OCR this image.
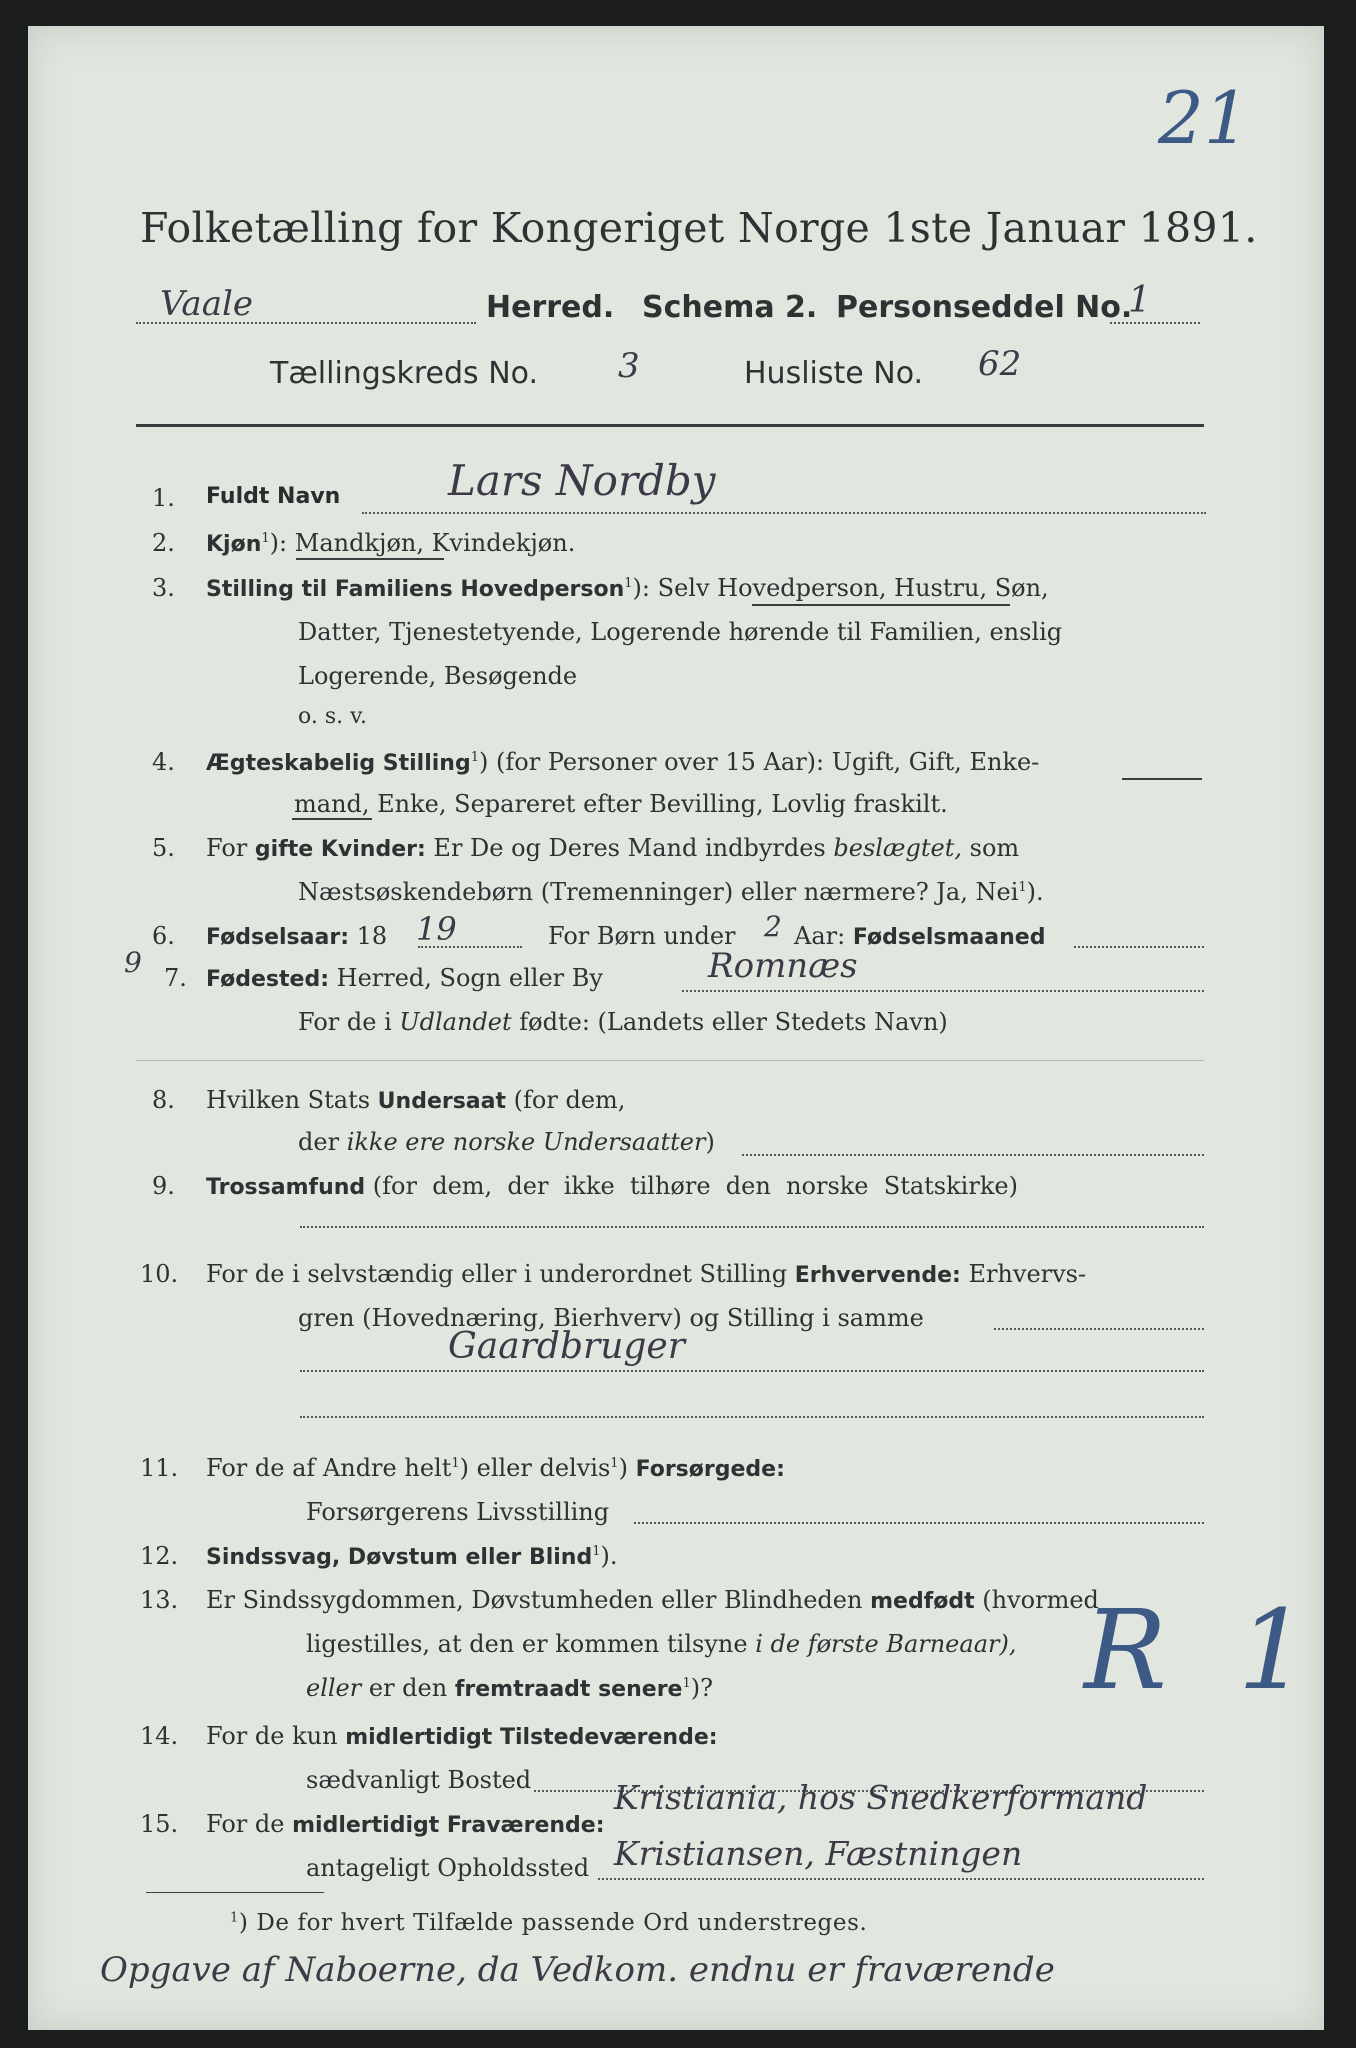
21
Folketælling for Kongeriget Norge 1ste Januar 1891.
Vaale	Herred. Schema 2. Personseddel No.
1
Tællingskreds No. 3	Husliste No. 62
1. Fuldt Navn	Lars Nordby
2. Kjøn$^1$): Mandkjøn, Kvindekjøn.
3. Stilling til Familiens Hovedperson$^1$): Selv Hovedperson, Hustru, Søn,
Datter, Tjenestetyende, Logerende hørende til Familien, enslig
Logerende, Besøgende
o. s. v.
4. Ægteskabelig Stilling$^1$) (for Personer over 15 Aar): Ugift, Gift, Enke-
mand, Enke, Separeret efter Bevilling, Lovlig fraskilt.
5. For gifte Kvinder: Er De og Deres Mand indbyrdes beslægtet, som
Næstsøskendebørn (Tremenninger) eller nærmere? Ja, Nei$^1$).
6. Fødselsaar: 18 19	For Børn under 2 Aar: Fødselsmaaned
9 7. Fødested: Herred, Sogn eller By	Romnæs
For de i Udlandet fødte: (Landets eller Stedets Navn)
8. Hvilken Stats Undersaat (for dem,
der ikke ere norske Undersaatter)
9. Trossamfund (for  dem,  der  ikke  tilhøre  den  norske  Statskirke)
10. For de i selvstændig eller i underordnet Stilling Erhvervende: Erhvervs-
gren (Hovednæring, Bierhverv) og Stilling i samme
Gaardbruger
11. For de af Andre helt$^1$) eller delvis$^1$) Forsørgede:
Forsørgerens Livsstilling
12. Sindssvag, Døvstum eller Blind$^1$).
13. Er Sindssygdommen, Døvstumheden eller Blindheden medfødt (hvormed
ligestilles, at den er kommen tilsyne i de første Barneaar),
eller er den fremtraadt senere$^1$)?	R 1
14. For de kun midlertidigt Tilstedeværende:
sædvanligt Bosted
15. For de midlertidigt Fraværende:
antageligt Opholdssted
Kristiania, hos Snedkerformand
Kristiansen, Fæstningen
$^1$) De for hvert Tilfælde passende Ord understreges.
Opgave af Naboerne, da Vedkom. endnu er fraværende
